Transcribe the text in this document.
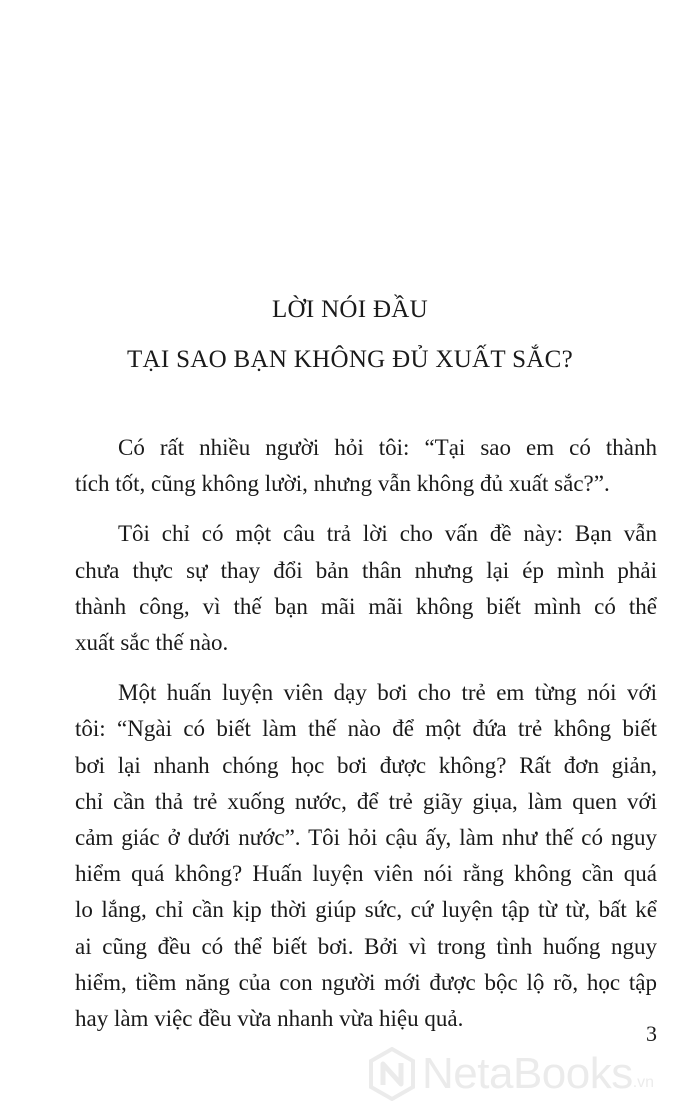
LỜI NÓI ĐẦU
TẠI SAO BẠN KHÔNG ĐỦ XUẤT SẮC?

Có rất nhiều người hỏi tôi: “Tại sao em có thành
tích tốt, cũng không lười, nhưng vẫn không đủ xuất sắc?”.

Tôi chỉ có một câu trả lời cho vấn đề này: Bạn vẫn
chưa thực sự thay đổi bản thân nhưng lại ép mình phải
thành công, vì thế bạn mãi mãi không biết mình có thể
xuất sắc thế nào.

Một huấn luyện viên dạy bơi cho trẻ em từng nói với
tôi: “Ngài có biết làm thế nào để một đứa trẻ không biết
bơi lại nhanh chóng học bơi được không? Rất đơn giản,
chỉ cần thả trẻ xuống nước, để trẻ giãy giụa, làm quen với
cảm giác ở dưới nước”. Tôi hỏi cậu ấy, làm như thế có nguy
hiểm quá không? Huấn luyện viên nói rằng không cần quá
lo lắng, chỉ cần kịp thời giúp sức, cứ luyện tập từ từ, bất kể
ai cũng đều có thể biết bơi. Bởi vì trong tình huống nguy
hiểm, tiềm năng của con người mới được bộc lộ rõ, học tập
hay làm việc đều vừa nhanh vừa hiệu quả.

3
NetaBooks .vn
